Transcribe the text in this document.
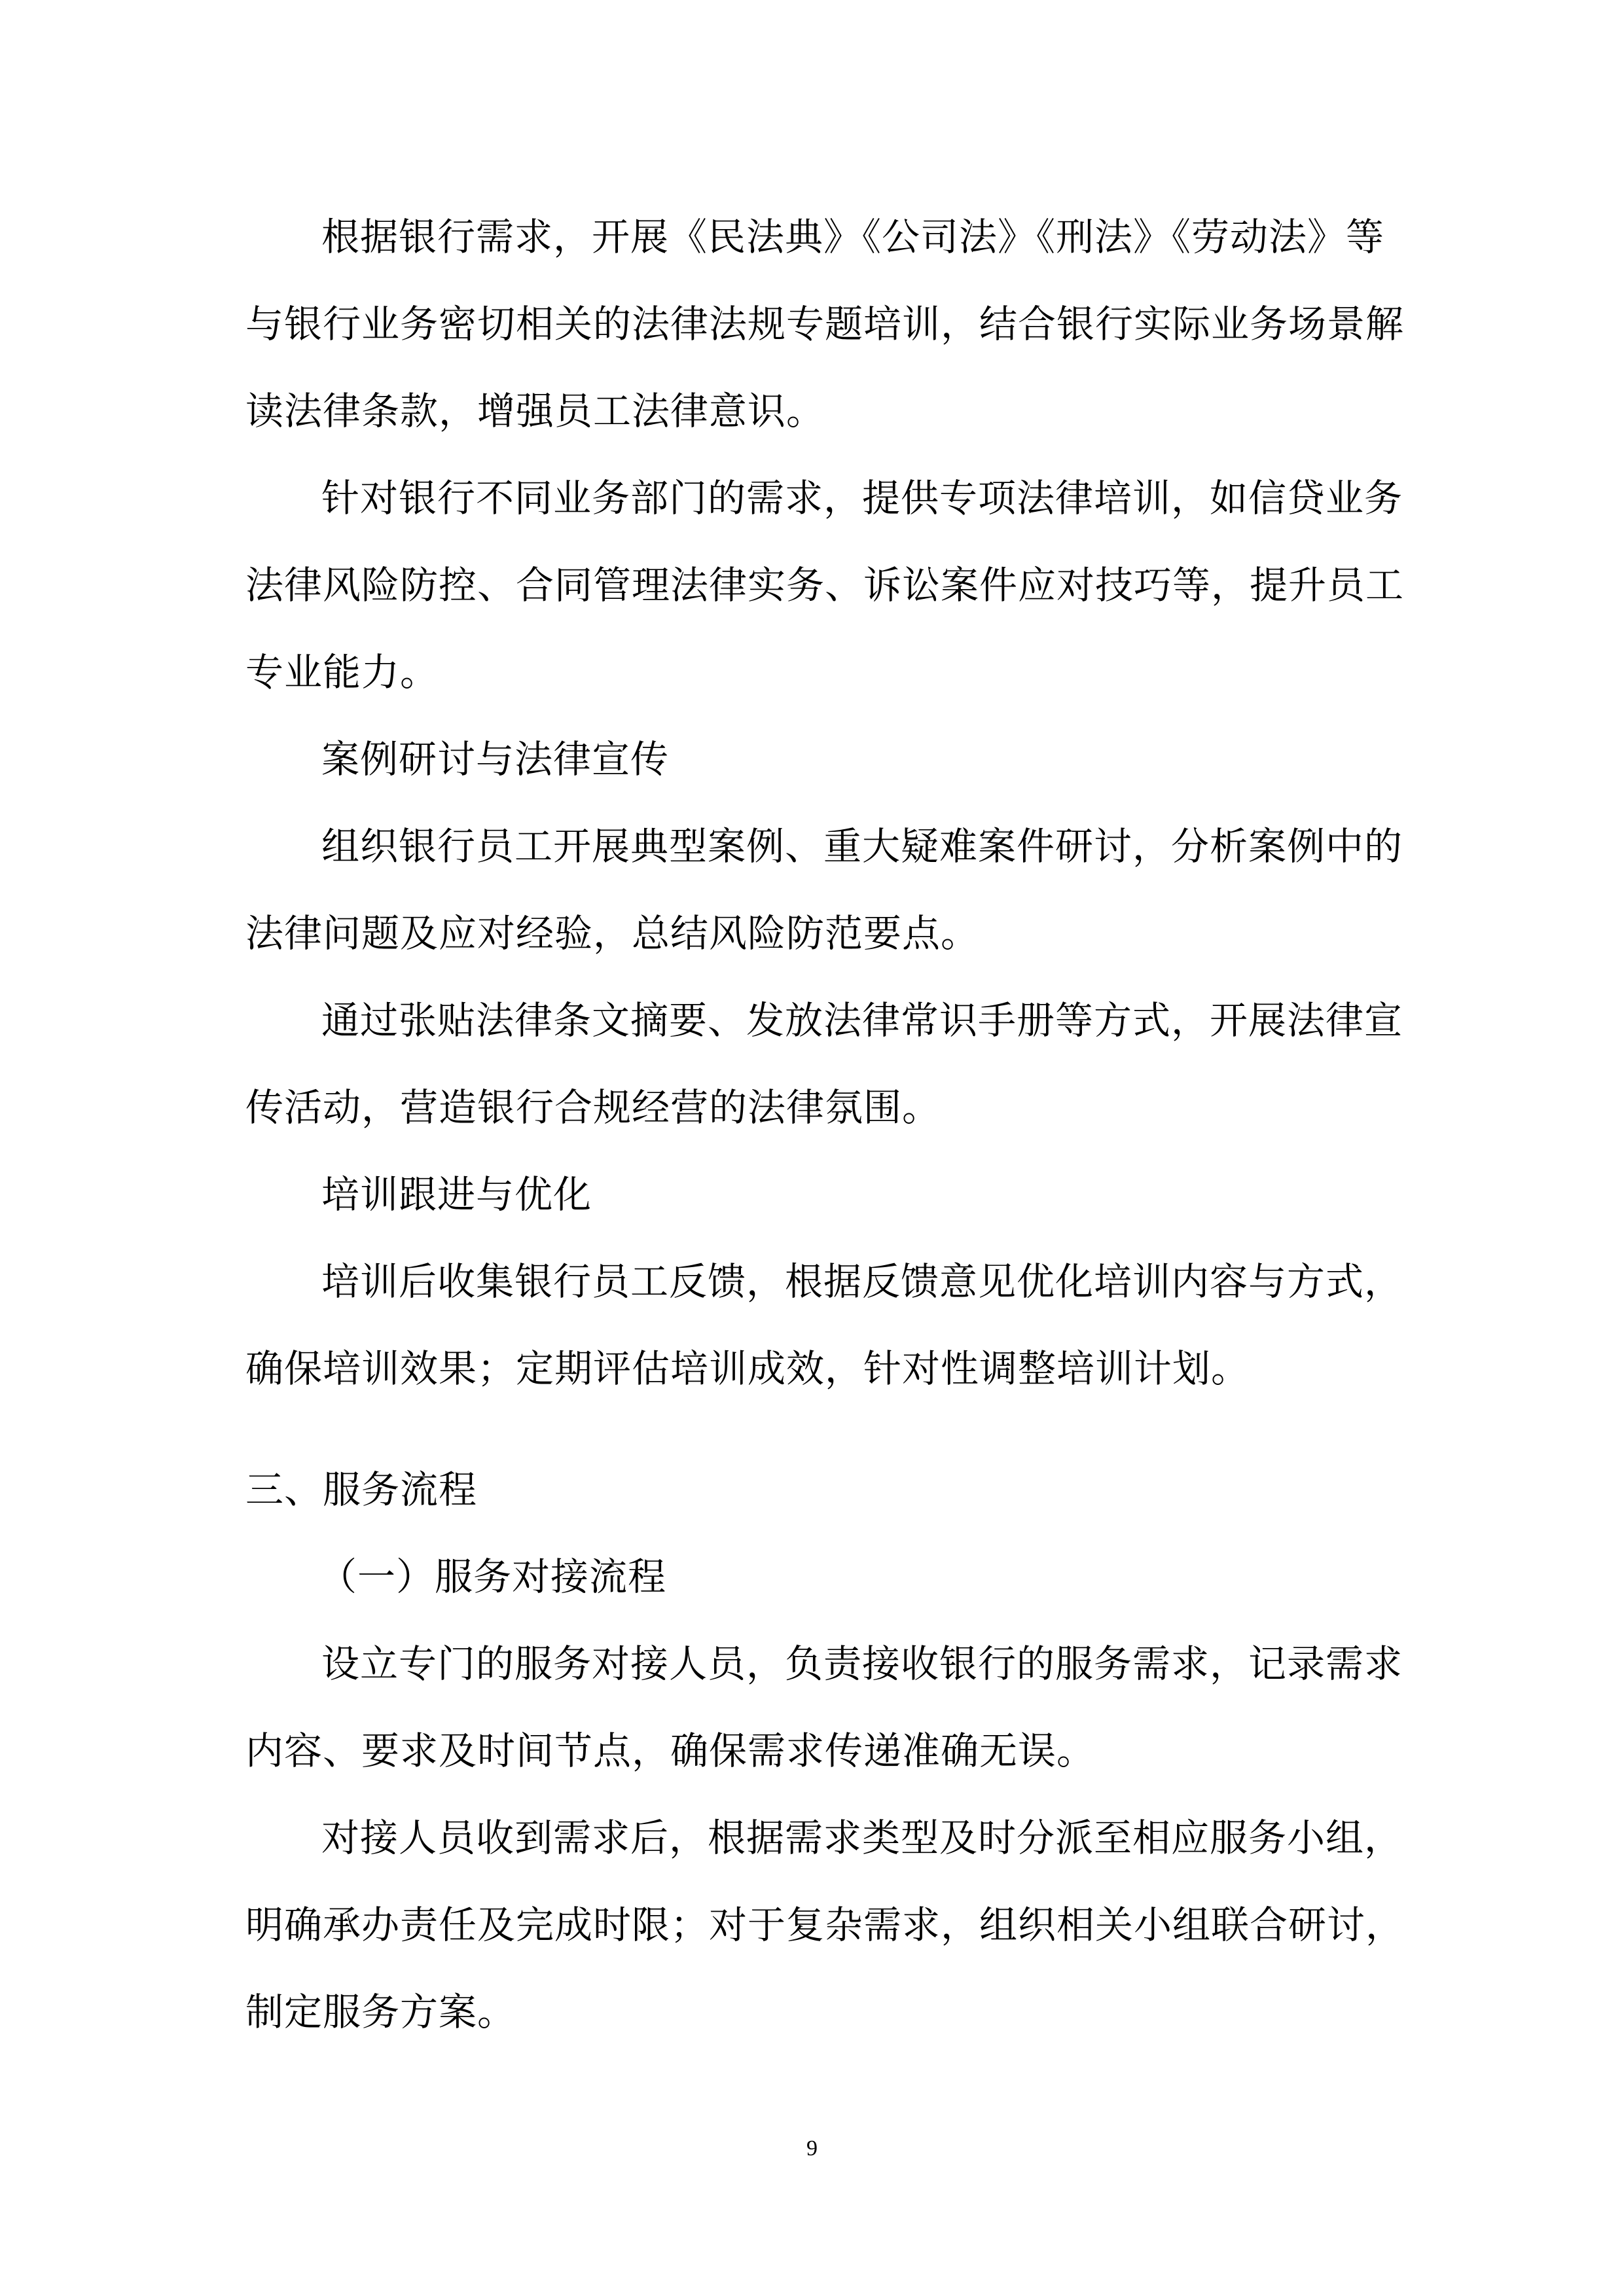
根据银行需求，开展《民法典》《公司法》《刑法》《劳动法》等
与银行业务密切相关的法律法规专题培训，结合银行实际业务场景解
读法律条款，增强员工法律意识。
针对银行不同业务部门的需求，提供专项法律培训，如信贷业务
法律风险防控、合同管理法律实务、诉讼案件应对技巧等，提升员工
专业能力。
案例研讨与法律宣传
组织银行员工开展典型案例、重大疑难案件研讨，分析案例中的
法律问题及应对经验，总结风险防范要点。
通过张贴法律条文摘要、发放法律常识手册等方式，开展法律宣
传活动，营造银行合规经营的法律氛围。
培训跟进与优化
培训后收集银行员工反馈，根据反馈意见优化培训内容与方式，
确保培训效果；定期评估培训成效，针对性调整培训计划。
三、服务流程
（一）服务对接流程
设立专门的服务对接人员，负责接收银行的服务需求，记录需求
内容、要求及时间节点，确保需求传递准确无误。
对接人员收到需求后，根据需求类型及时分派至相应服务小组，
明确承办责任及完成时限；对于复杂需求，组织相关小组联合研讨，
制定服务方案。
9
